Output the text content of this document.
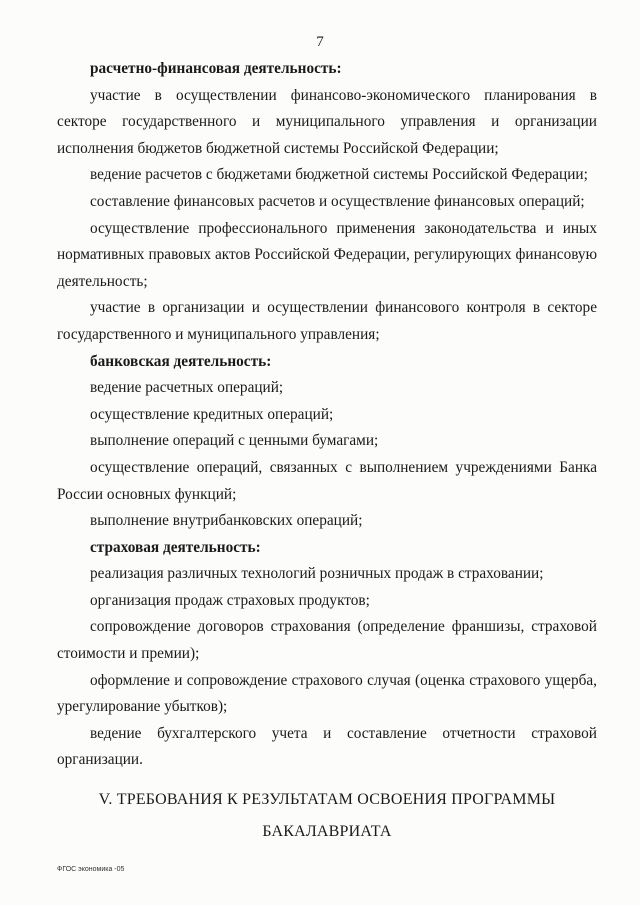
7

расчетно-финансовая деятельность:

участие в осуществлении финансово-экономического планирования в секторе государственного и муниципального управления и организации исполнения бюджетов бюджетной системы Российской Федерации;

ведение расчетов с бюджетами бюджетной системы Российской Федерации;

составление финансовых расчетов и осуществление финансовых операций;

осуществление профессионального применения законодательства и иных нормативных правовых актов Российской Федерации, регулирующих финансовую деятельность;

участие в организации и осуществлении финансового контроля в секторе государственного и муниципального управления;

банковская деятельность:

ведение расчетных операций;

осуществление кредитных операций;

выполнение операций с ценными бумагами;

осуществление операций, связанных с выполнением учреждениями Банка России основных функций;

выполнение внутрибанковских операций;

страховая деятельность:

реализация различных технологий розничных продаж в страховании;

организация продаж страховых продуктов;

сопровождение договоров страхования (определение франшизы, страховой стоимости и премии);

оформление и сопровождение страхового случая (оценка страхового ущерба, урегулирование убытков);

ведение бухгалтерского учета и составление отчетности страховой организации.

V. ТРЕБОВАНИЯ К РЕЗУЛЬТАТАМ ОСВОЕНИЯ ПРОГРАММЫ
БАКАЛАВРИАТА
ФГОС экономика -05
